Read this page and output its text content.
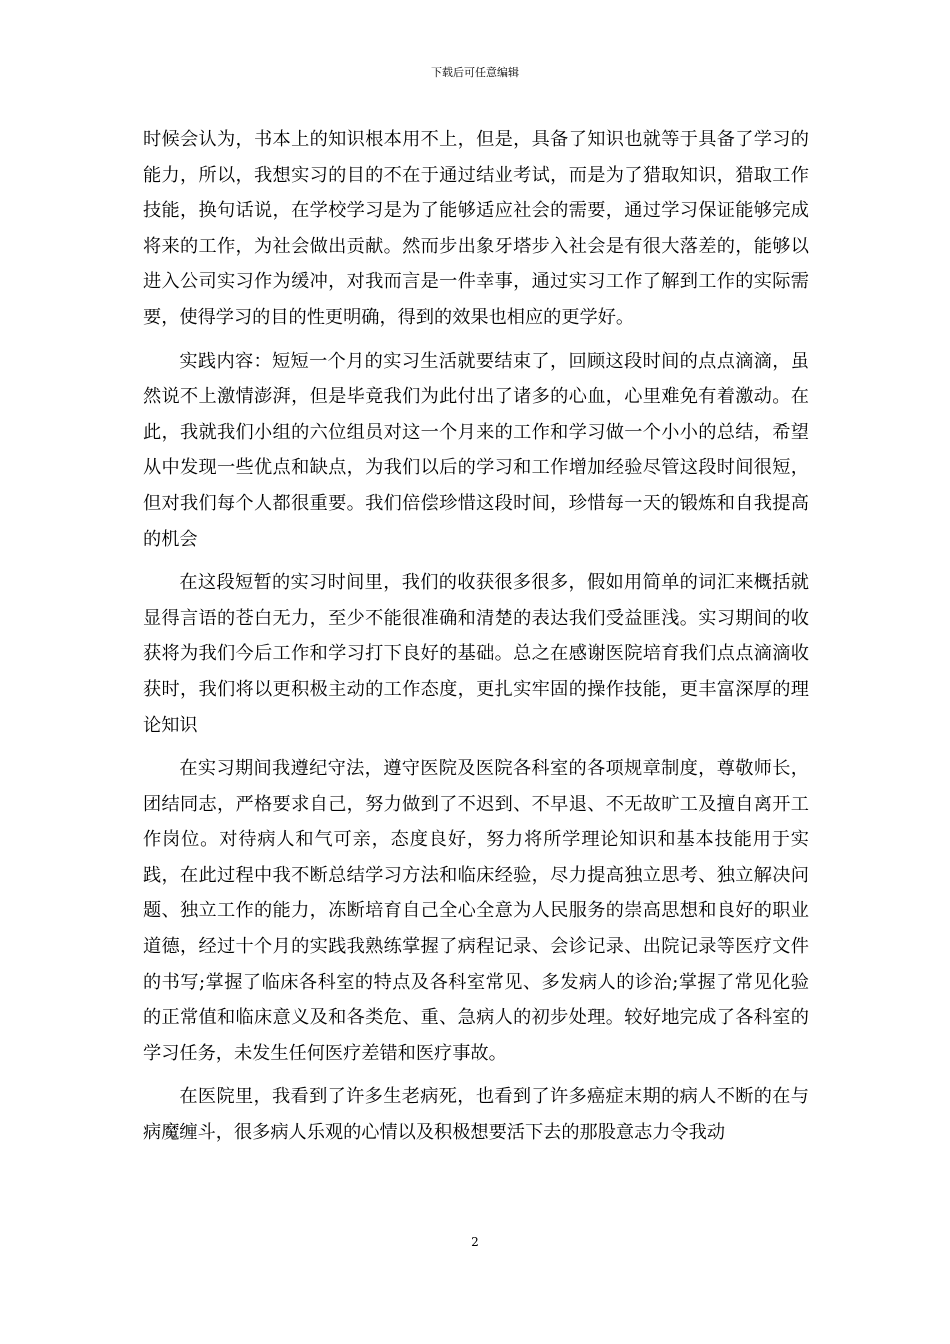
下载后可任意编辑

时候会认为，书本上的知识根本用不上，但是，具备了知识也就等于具备了学习的能力，所以，我想实习的目的不在于通过结业考试，而是为了猎取知识，猎取工作技能，换句话说，在学校学习是为了能够适应社会的需要，通过学习保证能够完成将来的工作，为社会做出贡献。然而步出象牙塔步入社会是有很大落差的，能够以进入公司实习作为缓冲，对我而言是一件幸事，通过实习工作了解到工作的实际需要，使得学习的目的性更明确，得到的效果也相应的更学好。

实践内容：短短一个月的实习生活就要结束了，回顾这段时间的点点滴滴，虽然说不上激情澎湃，但是毕竟我们为此付出了诸多的心血，心里难免有着激动。在此，我就我们小组的六位组员对这一个月来的工作和学习做一个小小的总结，希望从中发现一些优点和缺点，为我们以后的学习和工作增加经验尽管这段时间很短，但对我们每个人都很重要。我们倍偿珍惜这段时间，珍惜每一天的锻炼和自我提高的机会

在这段短暂的实习时间里，我们的收获很多很多，假如用简单的词汇来概括就显得言语的苍白无力，至少不能很准确和清楚的表达我们受益匪浅。实习期间的收获将为我们今后工作和学习打下良好的基础。总之在感谢医院培育我们点点滴滴收获时，我们将以更积极主动的工作态度，更扎实牢固的操作技能，更丰富深厚的理论知识

在实习期间我遵纪守法，遵守医院及医院各科室的各项规章制度，尊敬师长，团结同志，严格要求自己，努力做到了不迟到、不早退、不无故旷工及擅自离开工作岗位。对待病人和气可亲，态度良好，努力将所学理论知识和基本技能用于实践，在此过程中我不断总结学习方法和临床经验，尽力提高独立思考、独立解决问题、独立工作的能力，冻断培育自己全心全意为人民服务的崇高思想和良好的职业道德，经过十个月的实践我熟练掌握了病程记录、会诊记录、出院记录等医疗文件的书写;掌握了临床各科室的特点及各科室常见、多发病人的诊治;掌握了常见化验的正常值和临床意义及和各类危、重、急病人的初步处理。较好地完成了各科室的学习任务，未发生任何医疗差错和医疗事故。

在医院里，我看到了许多生老病死，也看到了许多癌症末期的病人不断的在与病魔缠斗，很多病人乐观的心情以及积极想要活下去的那股意志力令我动

2
